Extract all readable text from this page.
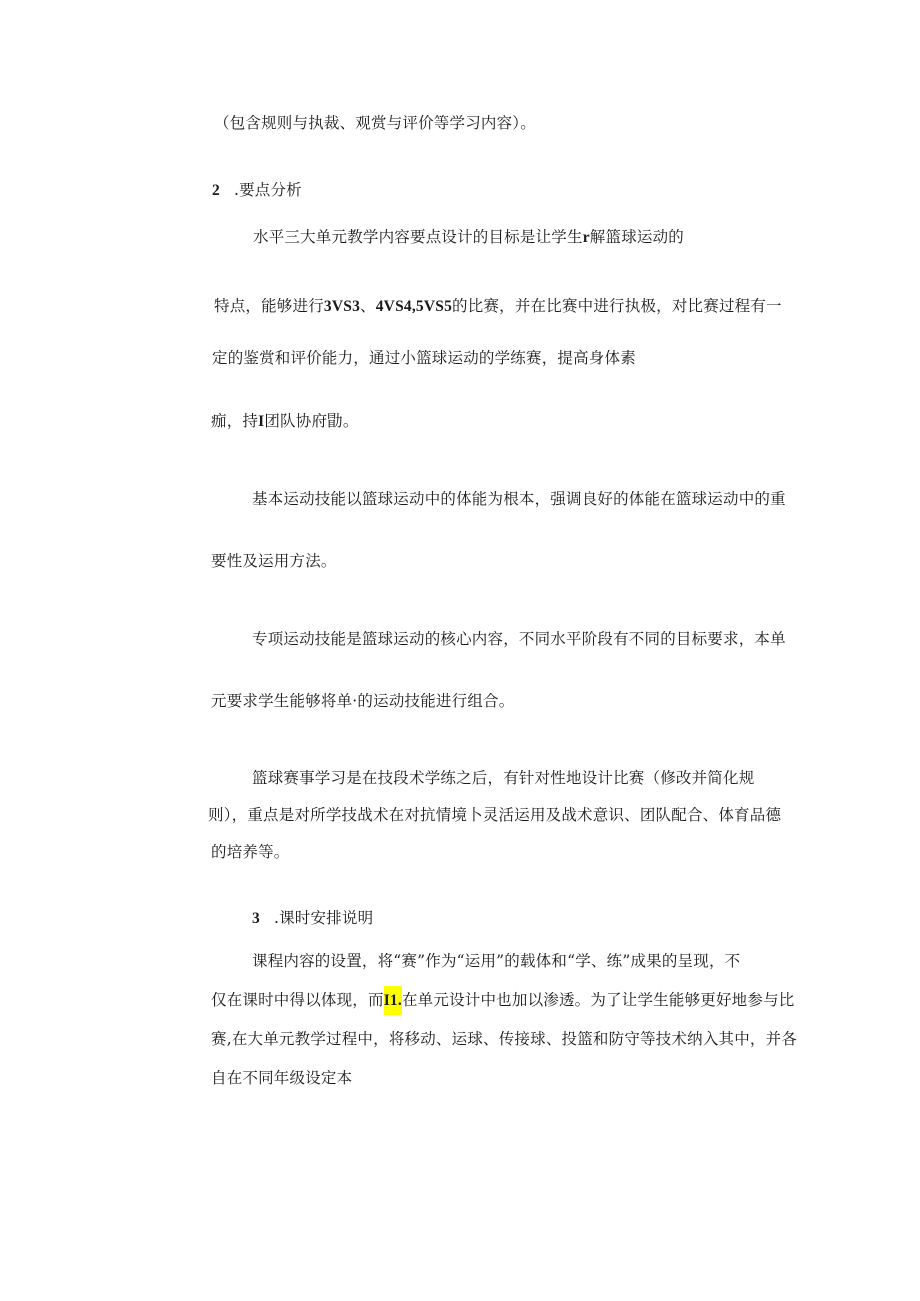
（包含规则与执裁、观赏与评价等学习内容）。
2 .要点分析
水平三大单元教学内容要点设计的目标是让学生r解篮球运动的
特点，能够进行3VS3、4VS4,5VS5的比赛，并在比赛中进行执极，对比赛过程有一
定的鉴赏和评价能力，通过小篮球运动的学练赛，提高身体素
痂，持I团队协府勖。
基本运动技能以篮球运动中的体能为根本，强调良好的体能在篮球运动中的重
要性及运用方法。
专项运动技能是篮球运动的核心内容，不同水平阶段有不同的目标要求，本单
元要求学生能够将单·的运动技能进行组合。
篮球赛事学习是在技段术学练之后，有针对性地设计比赛（修改并简化规
则），重点是对所学技战术在对抗情境卜灵活运用及战术意识、团队配合、体育品德
的培养等。
3 .课时安排说明
课程内容的设置，将“赛”作为“运用”的载体和“学、练”成果的呈现，不
仅在课时中得以体现，而I1.在单元设计中也加以渗透。为了让学生能够更好地参与比
赛,在大单元教学过程中，将移动、运球、传接球、投篮和防守等技术纳入其中，并各
自在不同年级设定本
